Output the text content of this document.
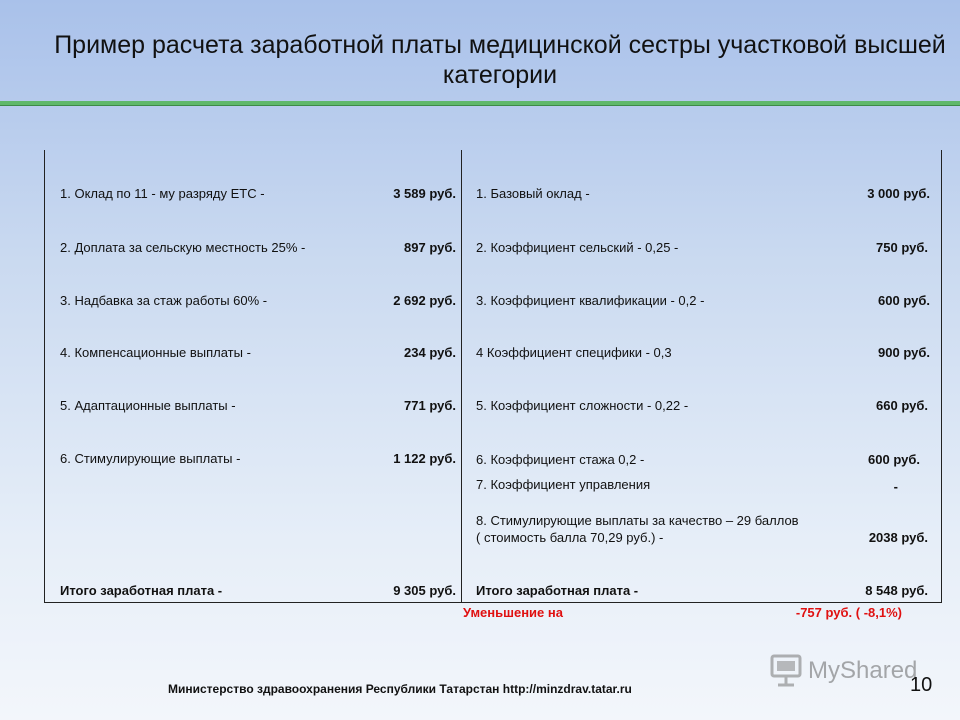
Пример расчета заработной платы медицинской сестры участковой высшей категории
1. Оклад по 11 - му разряду ЕТС -	3 589 руб.
2. Доплата за сельскую местность 25% -	897 руб.
3. Надбавка за стаж работы 60% -	2 692 руб.
4. Компенсационные выплаты -	234 руб.
5. Адаптационные выплаты -	771 руб.
6. Стимулирующие выплаты -	1 122 руб.
Итого заработная плата -	9 305 руб.
1. Базовый оклад -	3 000 руб.
2. Коэффициент сельский - 0,25 -	750 руб.
3. Коэффициент квалификации - 0,2 -	600 руб.
4 Коэффициент специфики - 0,3	900 руб.
5. Коэффициент сложности - 0,22 -	660 руб.
6. Коэффициент стажа 0,2 -	600 руб.
7. Коэффициент управления	-
8. Стимулирующие выплаты за качество – 29 баллов
( стоимость балла 70,29 руб.) -	2038 руб.
Итого заработная плата -	8 548 руб.
Уменьшение на	-757 руб. ( -8,1%)
MyShared
Министерство здравоохранения Республики Татарстан http://minzdrav.tatar.ru	10
